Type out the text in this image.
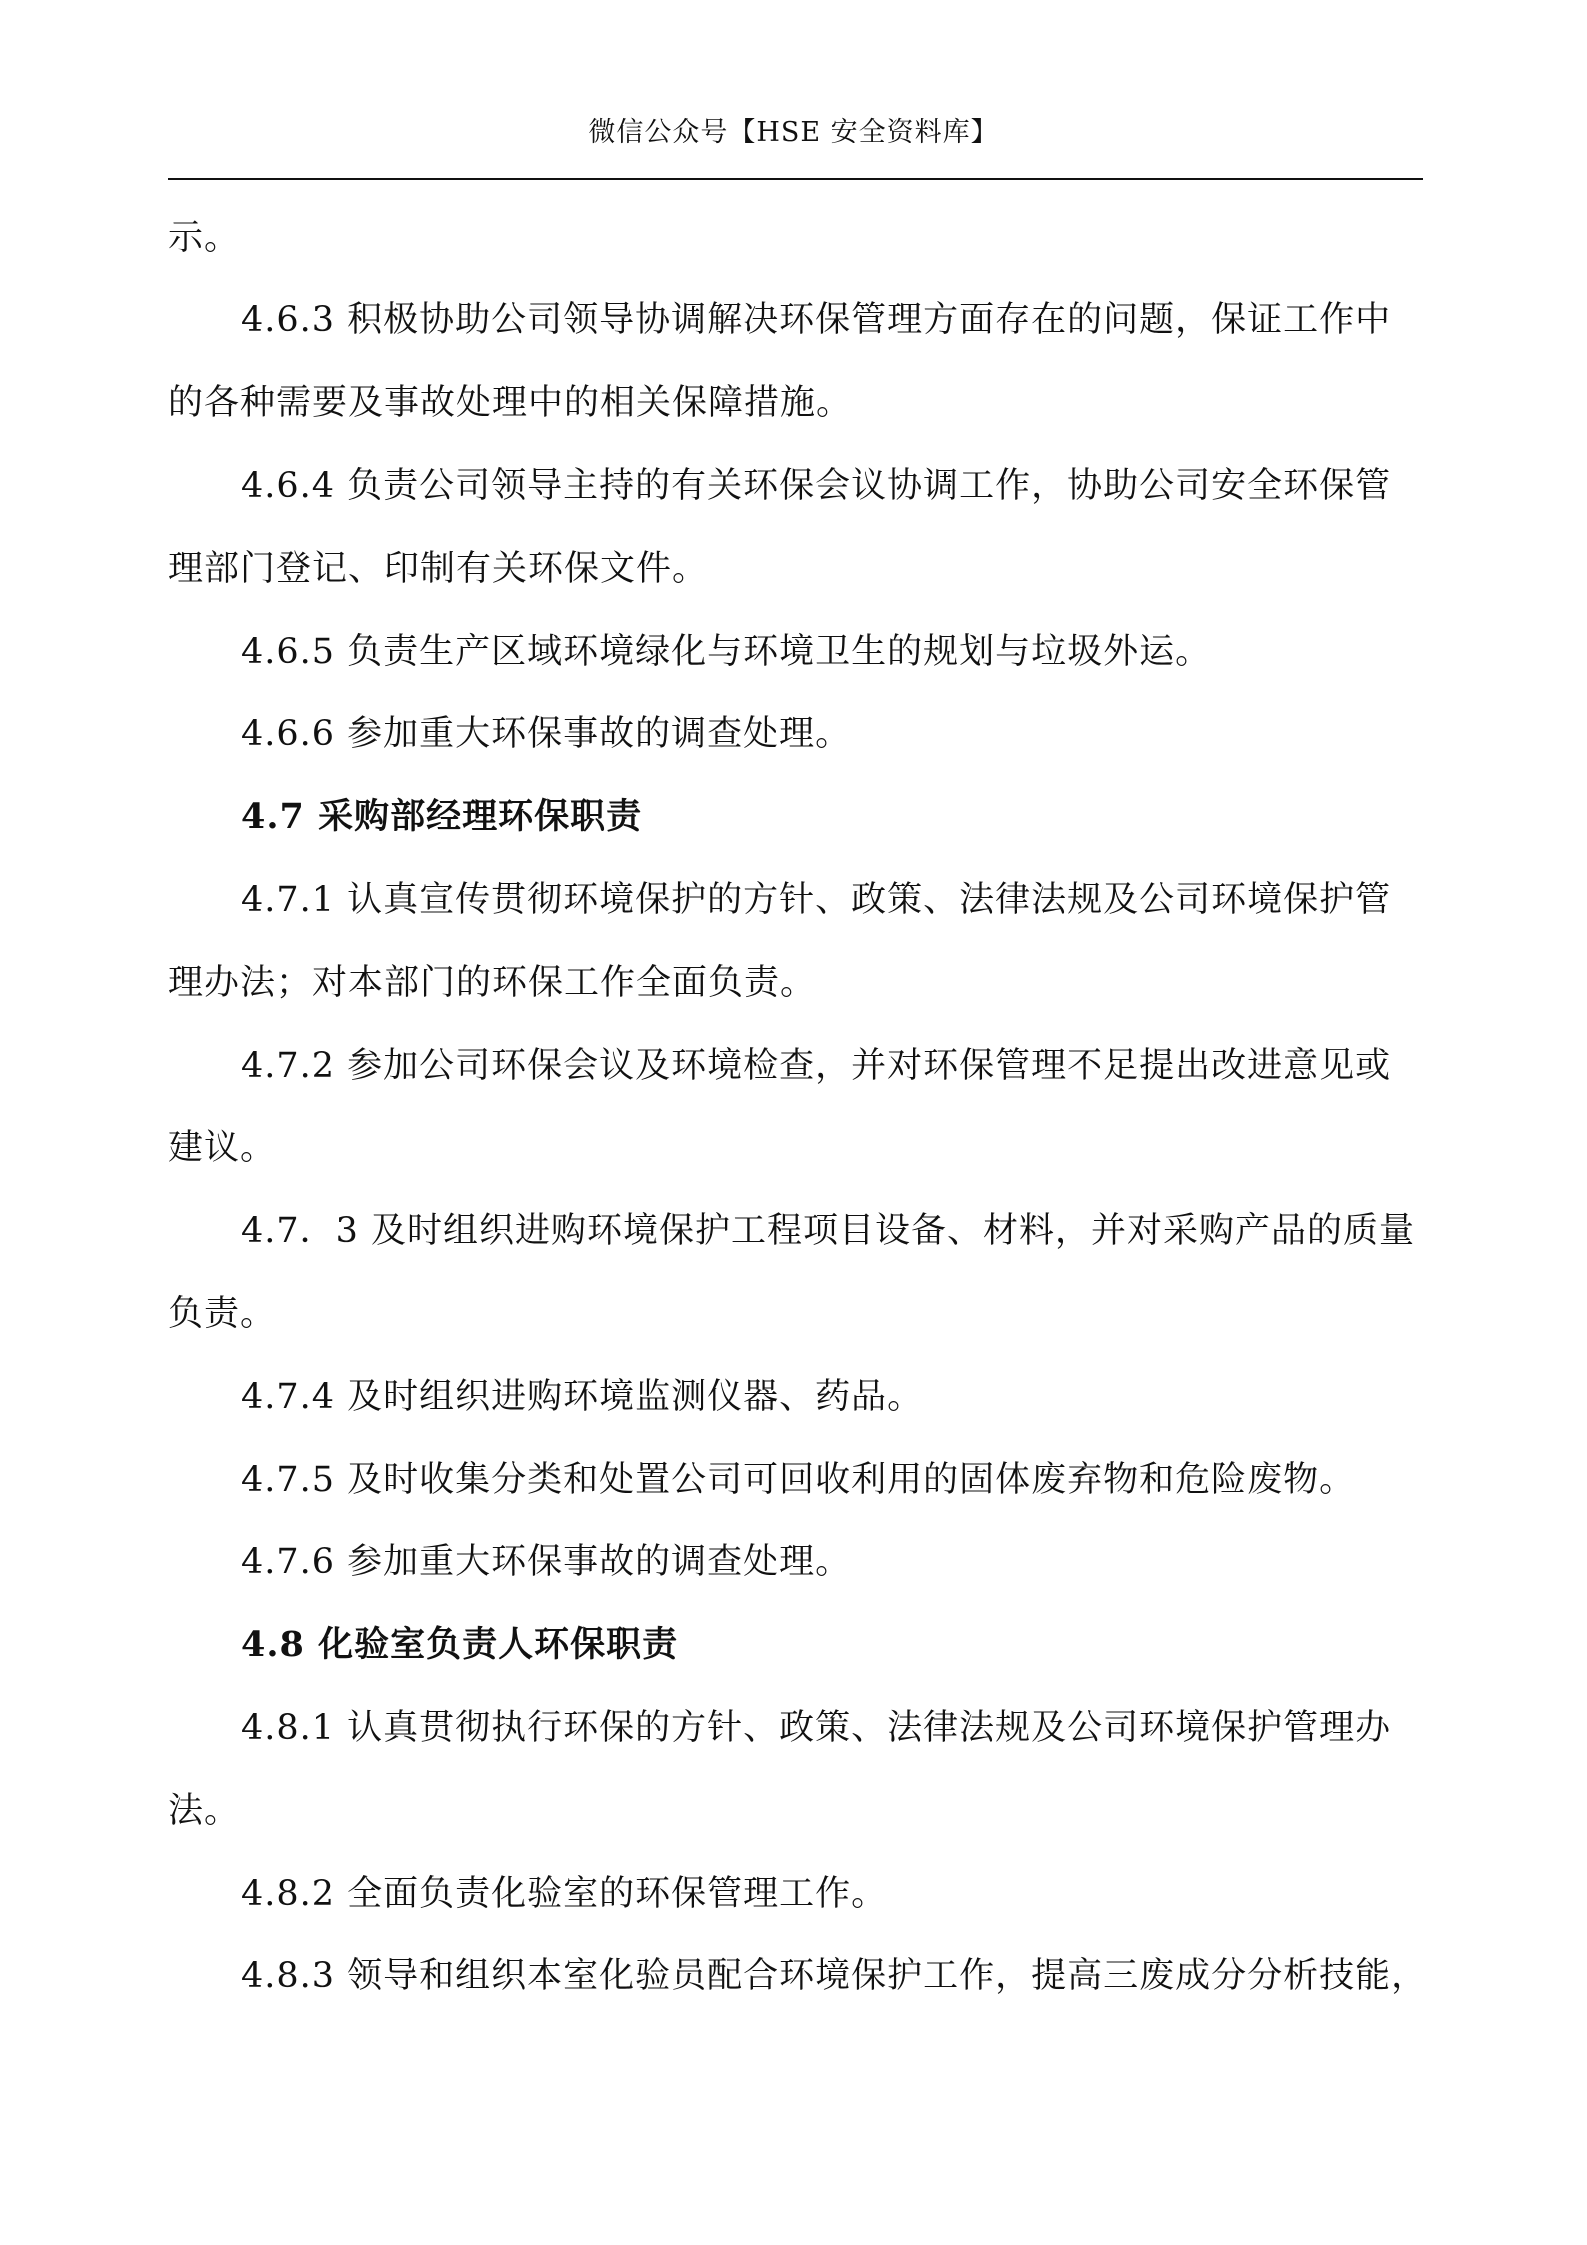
微信公众号【HSE 安全资料库】
示。
4.6.3 积极协助公司领导协调解决环保管理方面存在的问题，保证工作中
的各种需要及事故处理中的相关保障措施。
4.6.4 负责公司领导主持的有关环保会议协调工作，协助公司安全环保管
理部门登记、印制有关环保文件。
4.6.5 负责生产区域环境绿化与环境卫生的规划与垃圾外运。
4.6.6 参加重大环保事故的调查处理。
4.7 采购部经理环保职责
4.7.1 认真宣传贯彻环境保护的方针、政策、法律法规及公司环境保护管
理办法；对本部门的环保工作全面负责。
4.7.2 参加公司环保会议及环境检查，并对环保管理不足提出改进意见或
建议。
4.7．3 及时组织进购环境保护工程项目设备、材料，并对采购产品的质量
负责。
4.7.4 及时组织进购环境监测仪器、药品。
4.7.5 及时收集分类和处置公司可回收利用的固体废弃物和危险废物。
4.7.6 参加重大环保事故的调查处理。
4.8 化验室负责人环保职责
4.8.1 认真贯彻执行环保的方针、政策、法律法规及公司环境保护管理办
法。
4.8.2 全面负责化验室的环保管理工作。
4.8.3 领导和组织本室化验员配合环境保护工作，提高三废成分分析技能，
